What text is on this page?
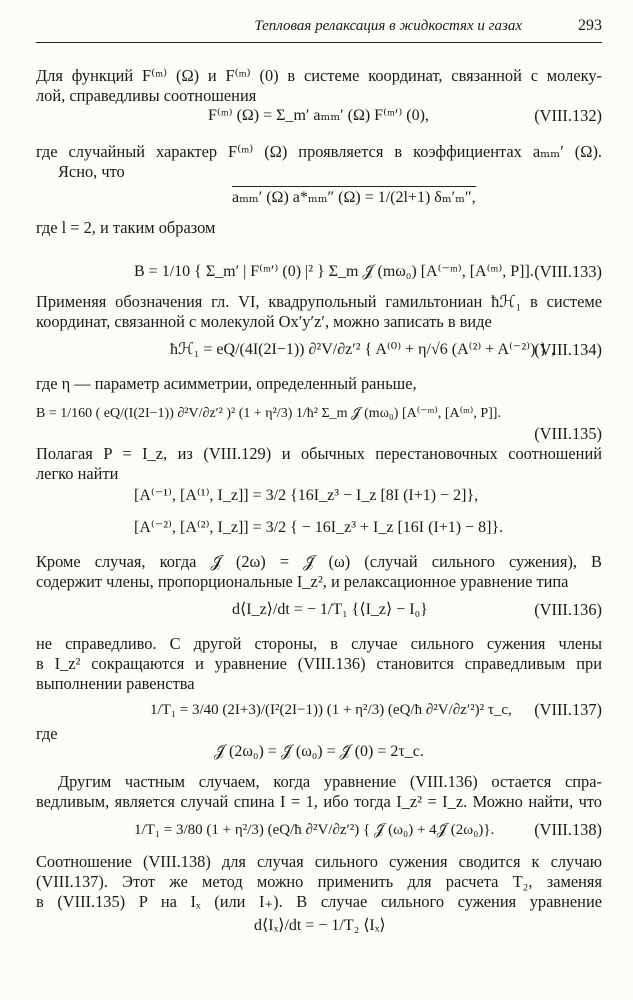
Тепловая релаксация в жидкостях и газах	293
Для функций F⁽ᵐ⁾ (Ω) и F⁽ᵐ⁾ (0) в системе координат, связанной с молеку-
лой, справедливы соотношения
F⁽ᵐ⁾ (Ω) = Σ_m′ aₘₘ′ (Ω) F⁽ᵐ′⁾ (0),	(VIII.132)
где случайный характер F⁽ᵐ⁾ (Ω) проявляется в коэффициентах aₘₘ′ (Ω).
Ясно, что
aₘₘ′ (Ω) a*ₘₘ″ (Ω) = 1/(2l+1) δₘ′ₘ″,
где l = 2, и таким образом
B = 1/10 { Σ_m′ | F⁽ᵐ′⁾ (0) |² } Σ_m 𝒥̃ (mω₀) [A⁽⁻ᵐ⁾, [A⁽ᵐ⁾, P]]. (VIII.133)
Применяя обозначения гл. VI, квадрупольный гамильтониан ħℋ₁ в системе
координат, связанной с молекулой Ox′y′z′, можно записать в виде
ħℋ₁ = eQ/(4I(2I−1)) ∂²V/∂z′² { A⁽⁰⁾ + η/√6 (A⁽²⁾ + A⁽⁻²⁾) } ,
(VIII.134)
где η — параметр асимметрии, определенный раньше,
B = 1/160 ( eQ/(I(2I−1)) ∂²V/∂z′² )² (1 + η²/3) 1/ħ² Σ_m 𝒥̃ (mω₀) [A⁽⁻ᵐ⁾, [A⁽ᵐ⁾, P]].
(VIII.135)
Полагая P = I_z, из (VIII.129) и обычных перестановочных соотношений
легко найти
[A⁽⁻¹⁾, [A⁽¹⁾, I_z]] = 3/2 {16I_z³ − I_z [8I (I+1) − 2]},
[A⁽⁻²⁾, [A⁽²⁾, I_z]] = 3/2 { − 16I_z³ + I_z [16I (I+1) − 8]}.
Кроме случая, когда 𝒥̃ (2ω) = 𝒥̃ (ω) (случай сильного сужения), B
содержит члены, пропорциональные I_z², и релаксационное уравнение типа
d⟨I_z⟩/dt = − 1/T₁ {⟨I_z⟩ − I₀}	(VIII.136)
не справедливо. С другой стороны, в случае сильного сужения члены
в I_z² сокращаются и уравнение (VIII.136) становится справедливым при
выполнении равенства
1/T₁ = 3/40 (2I+3)/(I²(2I−1)) (1 + η²/3) (eQ/ħ ∂²V/∂z′²)² τ_c, (VIII.137)
где
𝒥̃ (2ω₀) = 𝒥̃ (ω₀) = 𝒥̃ (0) = 2τ_c.
Другим частным случаем, когда уравнение (VIII.136) остается спра-
ведливым, является случай спина I = 1, ибо тогда I_z² = I_z. Можно найти, что
1/T₁ = 3/80 (1 + η²/3) (eQ/ħ ∂²V/∂z′²) { 𝒥̃ (ω₀) + 4𝒥̃ (2ω₀)}. (VIII.138)
Соотношение (VIII.138) для случая сильного сужения сводится к случаю
(VIII.137). Этот же метод можно применить для расчета T₂, заменяя
в (VIII.135) P на Iₓ (или I₊). В случае сильного сужения уравнение
d⟨Iₓ⟩/dt = − 1/T₂ ⟨Iₓ⟩
